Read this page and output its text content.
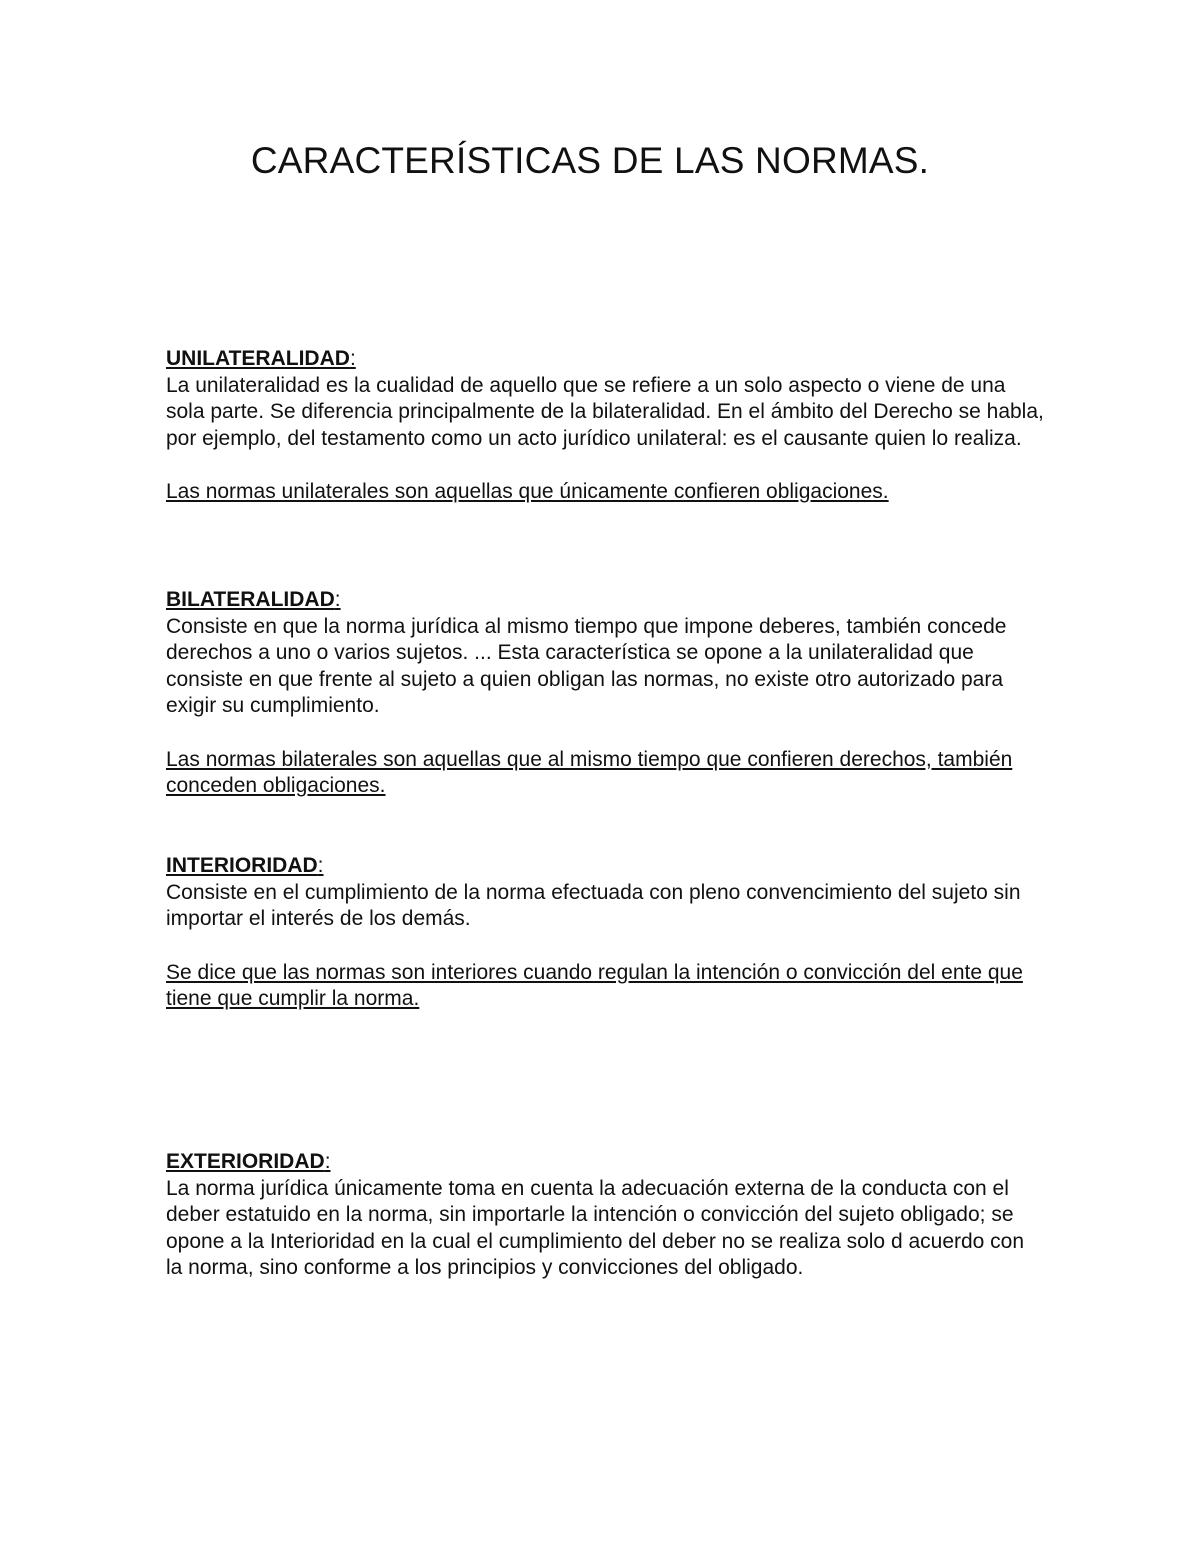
CARACTERÍSTICAS DE LAS NORMAS.

UNILATERALIDAD:

La unilateralidad es la cualidad de aquello que se refiere a un solo aspecto o viene de una sola parte. Se diferencia principalmente de la bilateralidad. En el ámbito del Derecho se habla, por ejemplo, del testamento como un acto jurídico unilateral: es el causante quien lo realiza.

Las normas unilaterales son aquellas que únicamente confieren obligaciones.

BILATERALIDAD:

Consiste en que la norma jurídica al mismo tiempo que impone deberes, también concede derechos a uno o varios sujetos. ... Esta característica se opone a la unilateralidad que consiste en que frente al sujeto a quien obligan las normas, no existe otro autorizado para exigir su cumplimiento.

Las normas bilaterales son aquellas que al mismo tiempo que confieren derechos, también conceden obligaciones.

INTERIORIDAD:

Consiste en el cumplimiento de la norma efectuada con pleno convencimiento del sujeto sin importar el interés de los demás.

Se dice que las normas son interiores cuando regulan la intención o convicción del ente que tiene que cumplir la norma.

EXTERIORIDAD:

La norma jurídica únicamente toma en cuenta la adecuación externa de la conducta con el deber estatuido en la norma, sin importarle la intención o convicción del sujeto obligado; se opone a la Interioridad en la cual el cumplimiento del deber no se realiza solo d acuerdo con la norma, sino conforme a los principios y convicciones del obligado.
